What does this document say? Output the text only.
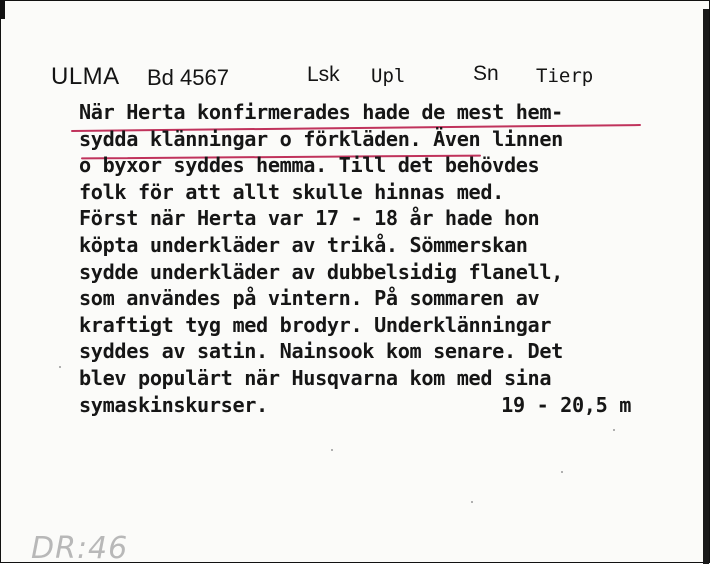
ULMA Bd 4567	Lsk Upl	Sn Tierp
När Herta konfirmerades hade de mest hem-
sydda klänningar o förkläden. Även linnen
o byxor syddes hemma. Till det behövdes
folk för att allt skulle hinnas med.
Först när Herta var 17 - 18 år hade hon
köpta underkläder av trikå. Sömmerskan
sydde underkläder av dubbelsidig flanell,
som användes på vintern. På sommaren av
kraftigt tyg med brodyr. Underklänningar
syddes av satin. Nainsook kom senare. Det
blev populärt när Husqvarna kom med sina
symaskinskurser.	19 - 20,5 m
DR:46
